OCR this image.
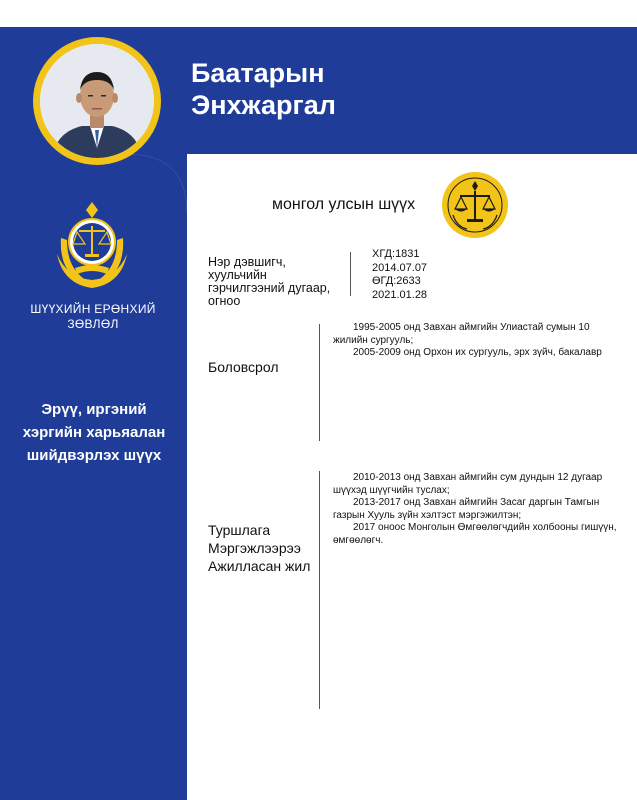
Баатарын
Энхжаргал
ШҮҮХИЙН ЕРӨНХИЙ
ЗӨВЛӨЛ
Эрүү, иргэний
хэргийн харьяалан
шийдвэрлэх шүүх
монгол улсын шүүх
Нэр дэвшигч,
хуульчийн
гэрчилгээний дугаар,
огноо
ХГД:1831
2014.07.07
ӨГД:2633
2021.01.28
Боловсрол

1995-2005 онд Завхан аймгийн Улиастай сумын 10 жилийн сургууль;

2005-2009 онд Орхон их сургууль, эрх зүйч, бакалавр

Туршлага
Мэргэжлээрээ
Ажилласан жил

2010-2013 онд Завхан аймгийн сум дундын 12 дугаар шүүхэд шүүгчийн туслах;

2013-2017 онд Завхан аймгийн Засаг даргын Тамгын газрын Хууль зүйн хэлтэст мэргэжилтэн;

2017 оноос Монголын Өмгөөлөгчдийн холбооны гишүүн, өмгөөлөгч.
